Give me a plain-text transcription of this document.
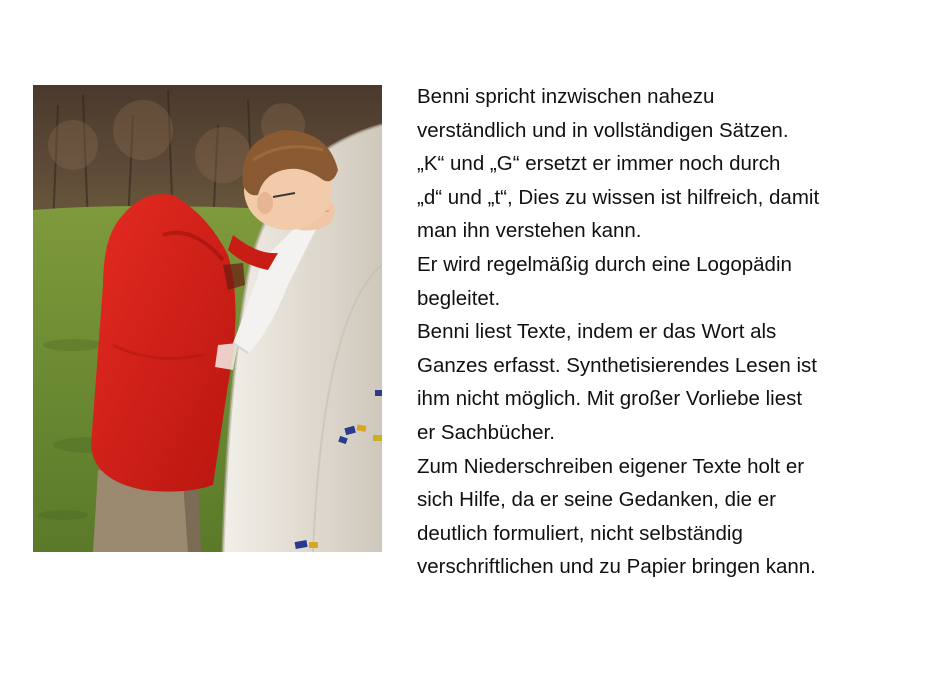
Benni spricht inzwischen nahezu
verständlich und in vollständigen Sätzen.
„K“ und „G“ ersetzt er immer noch durch
„d“ und „t“, Dies zu wissen ist hilfreich, damit
man ihn verstehen kann.
Er wird regelmäßig durch eine Logopädin
begleitet.
Benni liest Texte, indem er das Wort als
Ganzes erfasst. Synthetisierendes Lesen ist
ihm nicht möglich. Mit großer Vorliebe liest
er Sachbücher.
Zum Niederschreiben eigener Texte holt er
sich Hilfe, da er seine Gedanken, die er
deutlich formuliert, nicht selbständig
verschriftlichen und zu Papier bringen kann.
